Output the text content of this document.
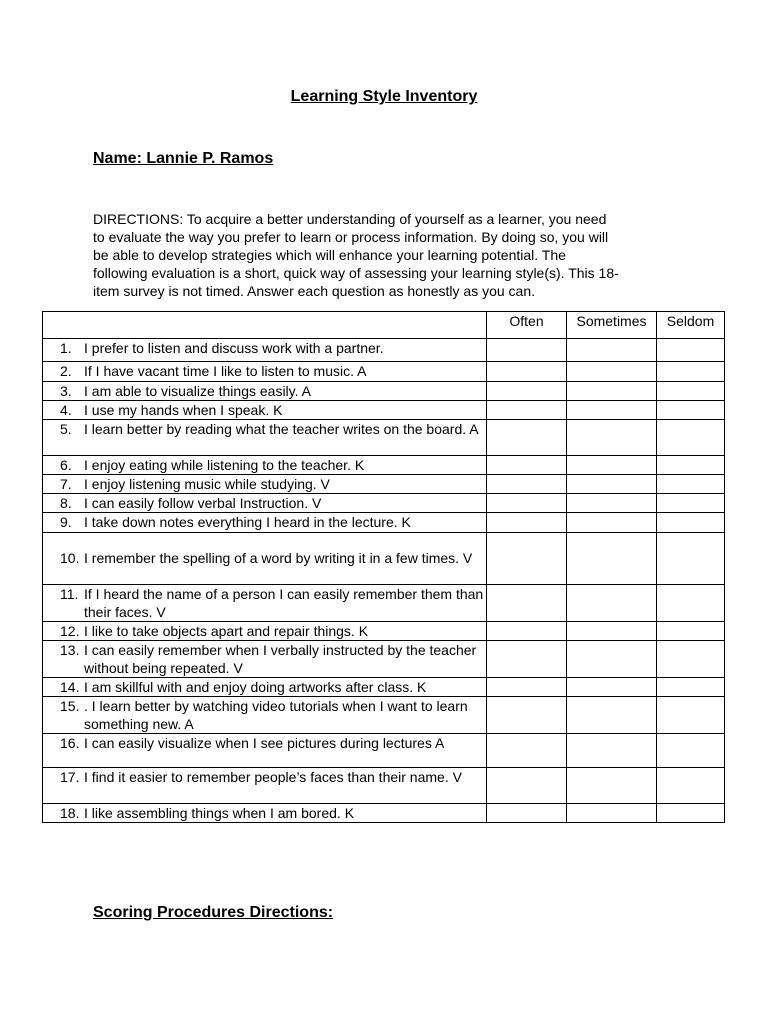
Learning Style Inventory
Name: Lannie P. Ramos
DIRECTIONS: To acquire a better understanding of yourself as a learner, you need
to evaluate the way you prefer to learn or process information. By doing so, you will
be able to develop strategies which will enhance your learning potential. The
following evaluation is a short, quick way of assessing your learning style(s). This 18-
item survey is not timed. Answer each question as honestly as you can.
	Often	Sometimes	Seldom

1. I prefer to listen and discuss work with a partner.			

2. If I have vacant time I like to listen to music. A			

3. I am able to visualize things easily. A			

4. I use my hands when I speak. K			

5. I learn better by reading what the teacher writes on the board. A			

6. I enjoy eating while listening to the teacher. K			

7. I enjoy listening music while studying. V			

8. I can easily follow verbal Instruction. V			

9. I take down notes everything I heard in the lecture. K			

10. I remember the spelling of a word by writing it in a few times. V			

11. If I heard the name of a person I can easily remember them than their faces. V			

12. I like to take objects apart and repair things. K			

13. I can easily remember when I verbally instructed by the teacher without being repeated. V			

14. I am skillful with and enjoy doing artworks after class. K			

15. . I learn better by watching video tutorials when I want to learn something new. A			

16. I can easily visualize when I see pictures during lectures A			

17. I find it easier to remember people’s faces than their name. V			

18. I like assembling things when I am bored. K			

Scoring Procedures Directions:
